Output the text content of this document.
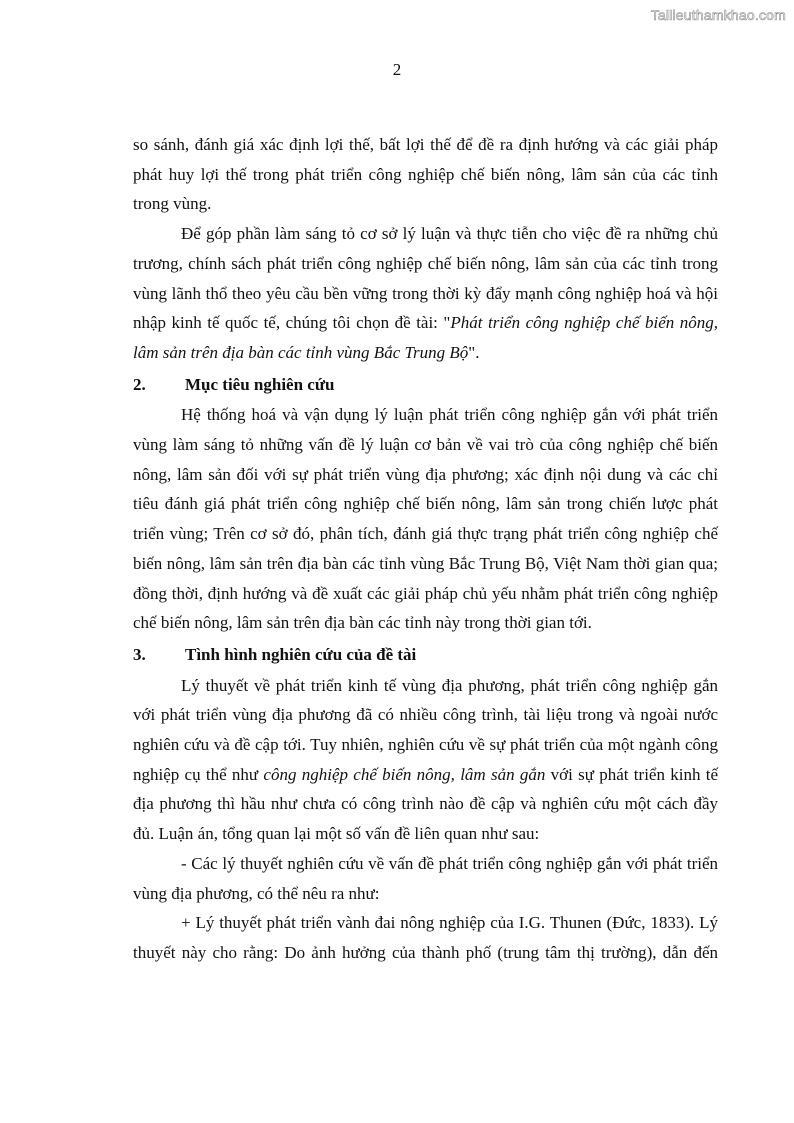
Tailieuthamkhao.com
2

so sánh, đánh giá xác định lợi thế, bất lợi thế để đề ra định hướng và các giải pháp phát huy lợi thế trong phát triển công nghiệp chế biến nông, lâm sản của các tỉnh trong vùng.

Để góp phần làm sáng tỏ cơ sở lý luận và thực tiễn cho việc đề ra những chủ trương, chính sách phát triển công nghiệp chế biến nông, lâm sản của các tỉnh trong vùng lãnh thổ theo yêu cầu bền vững trong thời kỳ đẩy mạnh công nghiệp hoá và hội nhập kinh tế quốc tế, chúng tôi chọn đề tài: "Phát triển công nghiệp chế biến nông, lâm sản trên địa bàn các tỉnh vùng Bắc Trung Bộ".

2.	Mục tiêu nghiên cứu

Hệ thống hoá và vận dụng lý luận phát triển công nghiệp gắn với phát triển vùng làm sáng tỏ những vấn đề lý luận cơ bản về vai trò của công nghiệp chế biến nông, lâm sản đối với sự phát triển vùng địa phương; xác định nội dung và các chỉ tiêu đánh giá phát triển công nghiệp chế biến nông, lâm sản trong chiến lược phát triển vùng; Trên cơ sở đó, phân tích, đánh giá thực trạng phát triển công nghiệp chế biến nông, lâm sản trên địa bàn các tỉnh vùng Bắc Trung Bộ, Việt Nam thời gian qua; đồng thời, định hướng và đề xuất các giải pháp chủ yếu nhằm phát triển công nghiệp chế biến nông, lâm sản trên địa bàn các tỉnh này trong thời gian tới.

3.	Tình hình nghiên cứu của đề tài

Lý thuyết về phát triển kinh tế vùng địa phương, phát triển công nghiệp gắn với phát triển vùng địa phương đã có nhiều công trình, tài liệu trong và ngoài nước nghiên cứu và đề cập tới. Tuy nhiên, nghiên cứu về sự phát triển của một ngành công nghiệp cụ thể như công nghiệp chế biến nông, lâm sản gắn với sự phát triển kinh tế địa phương thì hầu như chưa có công trình nào đề cập và nghiên cứu một cách đầy đủ. Luận án, tổng quan lại một số vấn đề liên quan như sau:

- Các lý thuyết nghiên cứu về vấn đề phát triển công nghiệp gắn với phát triển vùng địa phương, có thể nêu ra như:

+ Lý thuyết phát triển vành đai nông nghiệp của I.G. Thunen (Đức, 1833). Lý thuyết này cho rằng: Do ảnh hưởng của thành phố (trung tâm thị trường), dẫn đến
